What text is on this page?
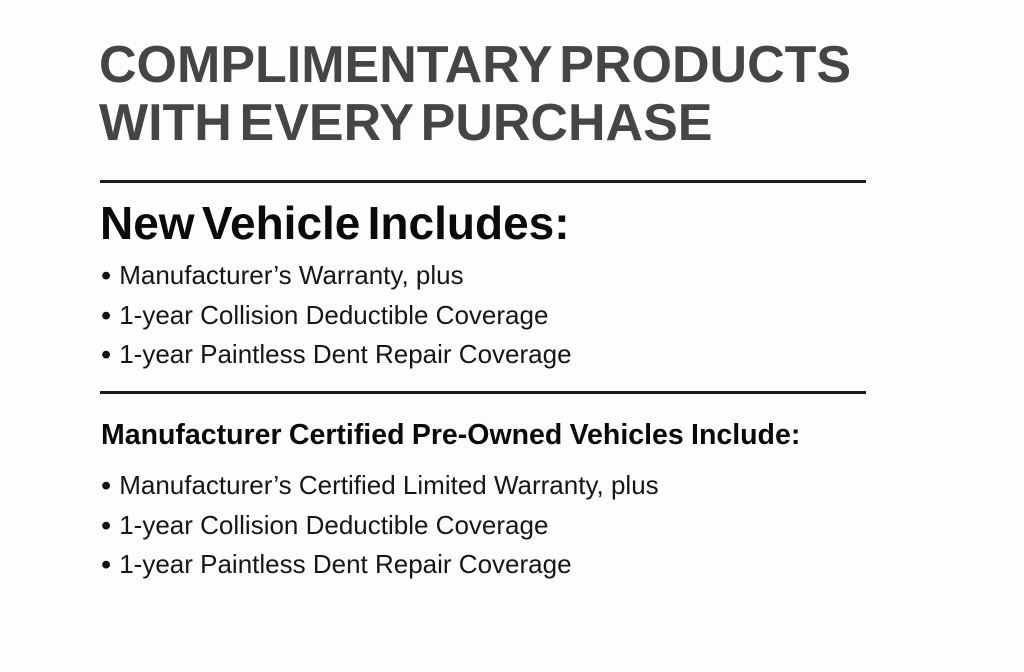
COMPLIMENTARY PRODUCTS
WITH EVERY PURCHASE
New Vehicle Includes:
• Manufacturer’s Warranty, plus
• 1-year Collision Deductible Coverage
• 1-year Paintless Dent Repair Coverage
Manufacturer Certified Pre-Owned Vehicles Include:
• Manufacturer’s Certified Limited Warranty, plus
• 1-year Collision Deductible Coverage
• 1-year Paintless Dent Repair Coverage
